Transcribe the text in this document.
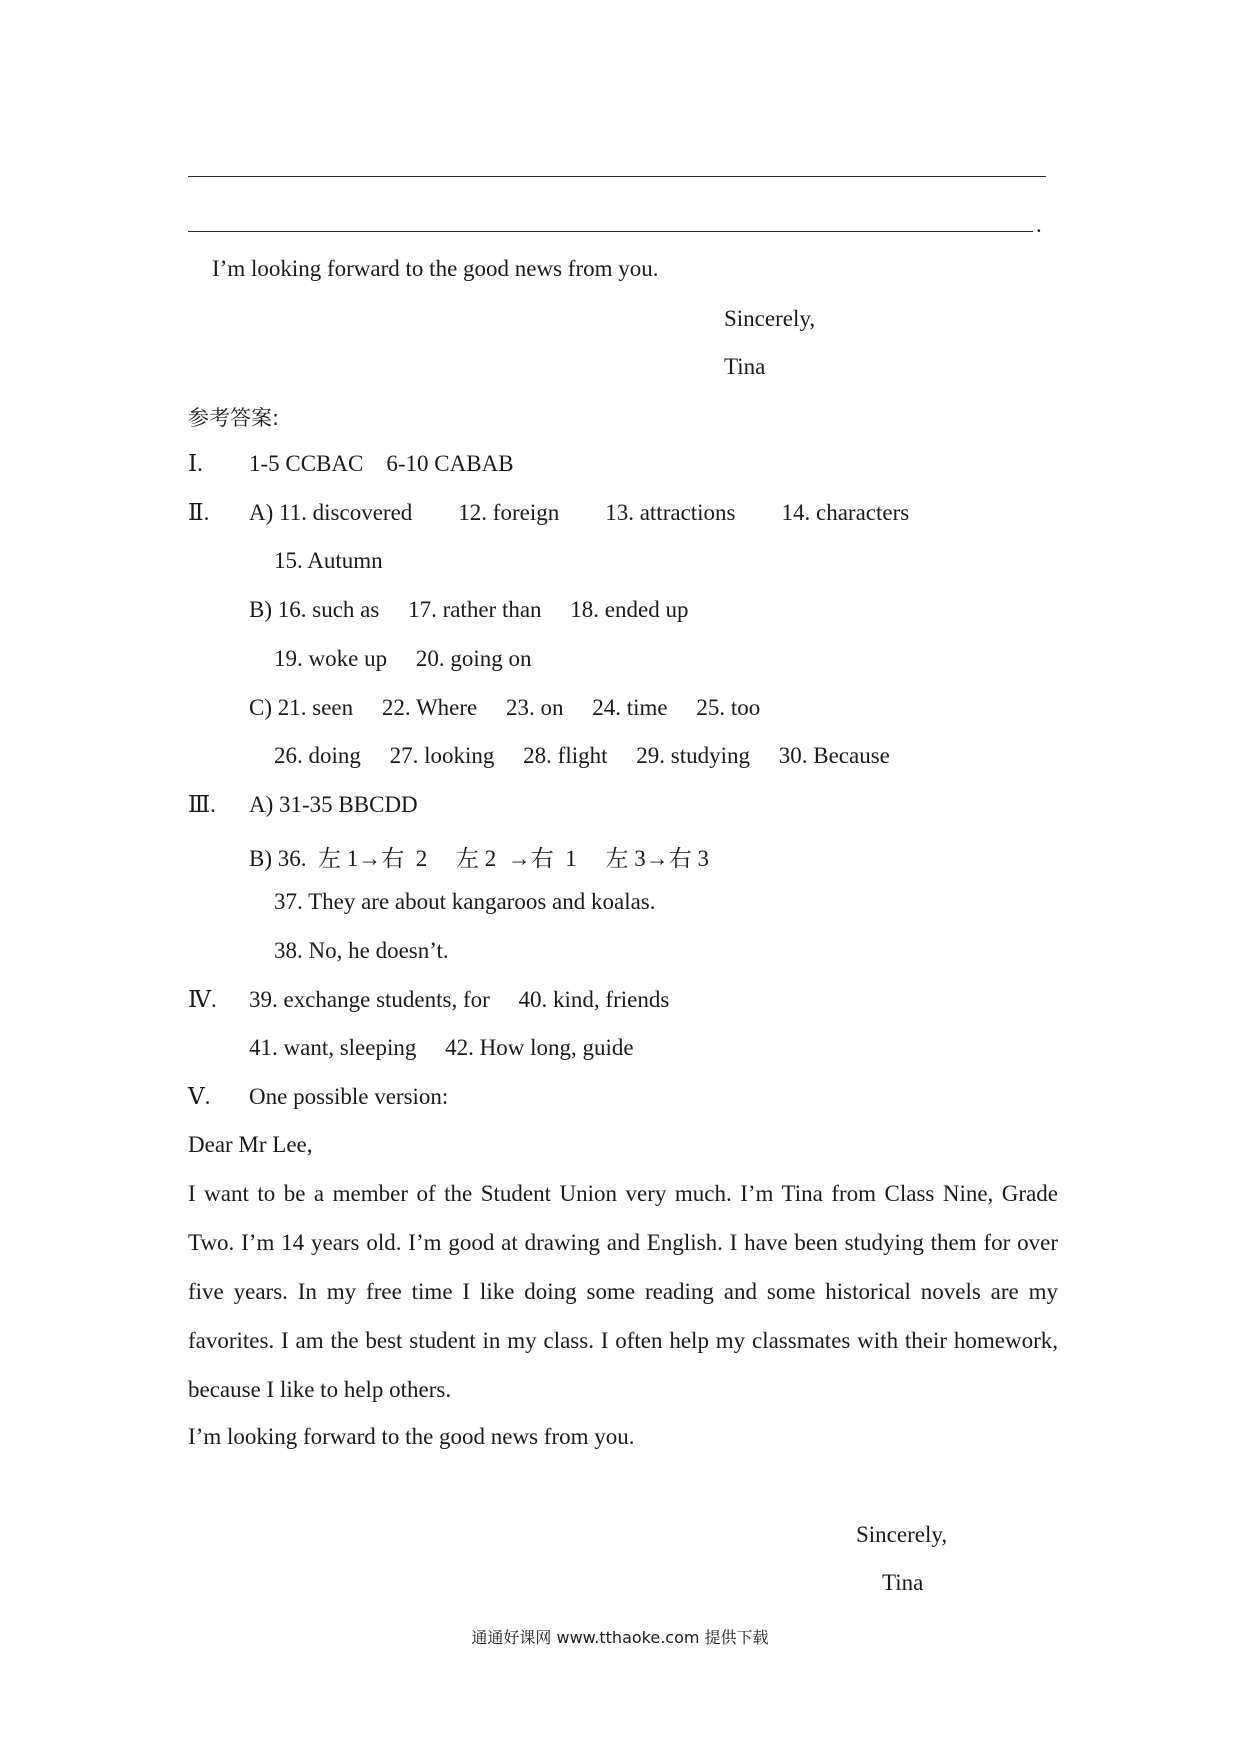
.
I’m looking forward to the good news from you.
Sincerely,
Tina
参考答案:
Ⅰ. 1-5 CCBAC    6-10 CABAB
Ⅱ. A) 11. discovered        12. foreign        13. attractions        14. characters
15. Autumn
B) 16. such as     17. rather than     18. ended up
19. woke up     20. going on
C) 21. seen     22. Where     23. on     24. time     25. too
26. doing     27. looking     28. flight     29. studying     30. Because
Ⅲ. A) 31-35 BBCDD
B) 36.  左 1→右  2     左 2  →右  1     左 3→右 3
37. They are about kangaroos and koalas.
38. No, he doesn’t.
Ⅳ. 39. exchange students, for     40. kind, friends
41. want, sleeping     42. How long, guide
Ⅴ. One possible version:
Dear Mr Lee,
I want to be a member of the Student Union very much. I’m Tina from Class Nine, Grade Two. I’m 14 years old. I’m good at drawing and English. I have been studying them for over five years. In my free time I like doing some reading and some historical novels are my favorites. I am the best student in my class. I often help my classmates with their homework, because I like to help others.
I’m looking forward to the good news from you.
Sincerely,
Tina
通通好课网 www.tthaoke.com 提供下载
